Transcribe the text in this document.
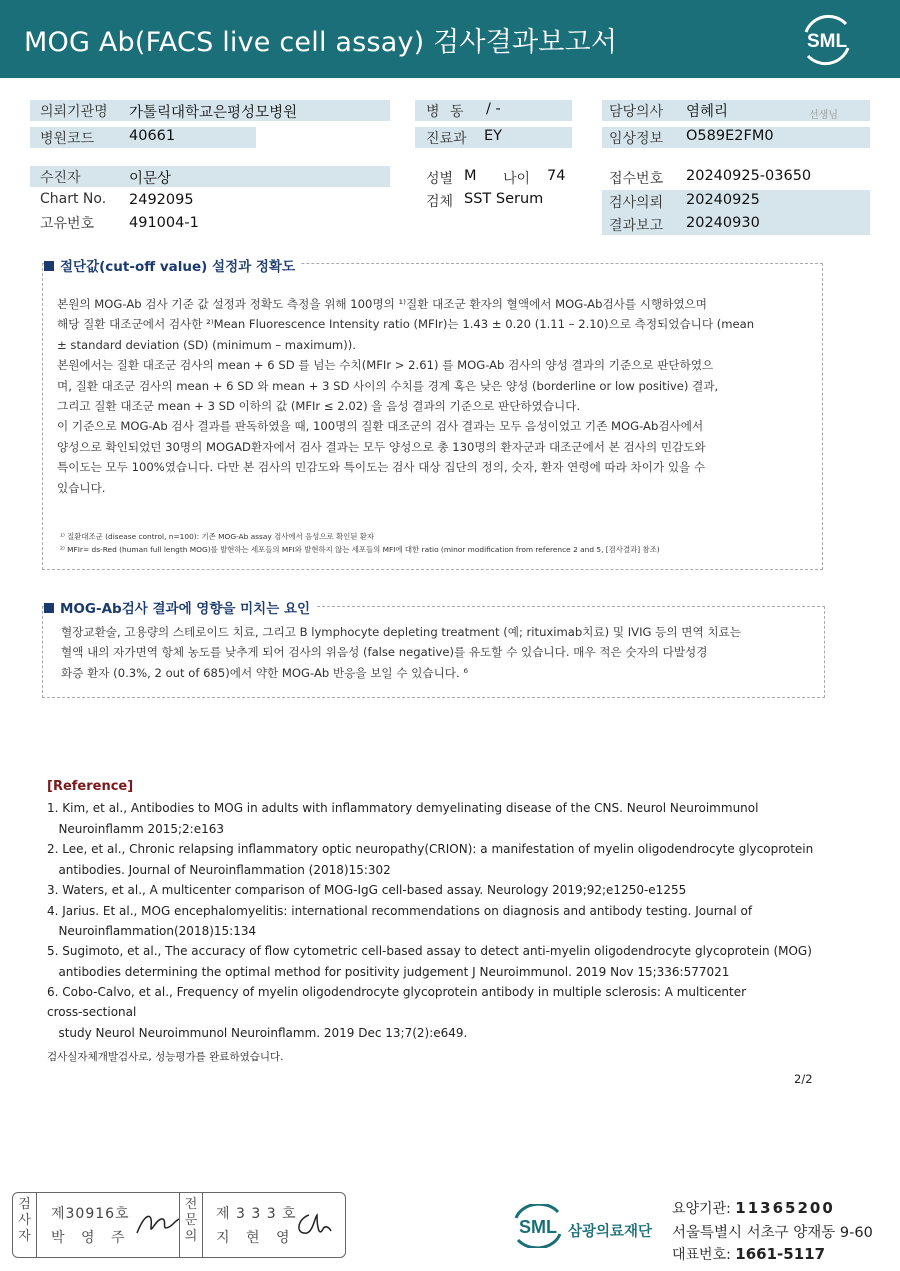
MOG Ab(FACS live cell assay) 검사결과보고서	SML
의뢰기관명 가톨릭대학교은평성모병원
병원코드 40661
병 동 / -
진료과 EY
담당의사 염혜리	선생님
임상정보 O589E2FM0
수진자	이문상
Chart No. 2492095
고유번호 491004-1
성별 M 나이 74
검체 SST Serum
접수번호 20240925-03650
검사의뢰 20240925
결과보고 20240930
절단값(cut-off value) 설정과 정확도
본원의 MOG-Ab 검사 기준 값 설정과 정확도 측정을 위해 100명의 ¹⁾질환 대조군 환자의 혈액에서 MOG-Ab검사를 시행하였으며
해당 질환 대조군에서 검사한 ²⁾Mean Fluorescence Intensity ratio (MFIr)는 1.43 ± 0.20 (1.11 – 2.10)으로 측정되었습니다 (mean
± standard deviation (SD) (minimum – maximum)).
본원에서는 질환 대조군 검사의 mean + 6 SD 를 넘는 수치(MFIr > 2.61) 를 MOG-Ab 검사의 양성 결과의 기준으로 판단하였으
며, 질환 대조군 검사의 mean + 6 SD 와 mean + 3 SD 사이의 수치를 경계 혹은 낮은 양성 (borderline or low positive) 결과,
그리고 질환 대조군 mean + 3 SD 이하의 값 (MFIr ≤ 2.02) 을 음성 결과의 기준으로 판단하였습니다.
이 기준으로 MOG-Ab 검사 결과를 판독하였을 때, 100명의 질환 대조군의 검사 결과는 모두 음성이었고 기존 MOG-Ab검사에서
양성으로 확인되었던 30명의 MOGAD환자에서 검사 결과는 모두 양성으로 총 130명의 환자군과 대조군에서 본 검사의 민감도와
특이도는 모두 100%였습니다. 다만 본 검사의 민감도와 특이도는 검사 대상 집단의 정의, 숫자, 환자 연령에 따라 차이가 있을 수
있습니다.
¹⁾ 질환대조군 (disease control, n=100): 기존 MOG-Ab assay 검사에서 음성으로 확인된 환자
²⁾ MFIr= ds-Red (human full length MOG)를 발현하는 세포들의 MFI와 발현하지 않는 세포들의 MFI에 대한 ratio (minor modification from reference 2 and 5, [검사결과] 참조)
MOG-Ab검사 결과에 영향을 미치는 요인
혈장교환술, 고용량의 스테로이드 치료, 그리고 B lymphocyte depleting treatment (예; rituximab치료) 및 IVIG 등의 면역 치료는
혈액 내의 자가면역 항체 농도를 낮추게 되어 검사의 위음성 (false negative)를 유도할 수 있습니다. 매우 적은 숫자의 다발성경
화증 환자 (0.3%, 2 out of 685)에서 약한 MOG-Ab 반응을 보일 수 있습니다. ⁶
[Reference]
1. Kim, et al., Antibodies to MOG in adults with inflammatory demyelinating disease of the CNS. Neurol Neuroimmunol
Neuroinflamm 2015;2:e163
2. Lee, et al., Chronic relapsing inflammatory optic neuropathy(CRION): a manifestation of myelin oligodendrocyte glycoprotein
antibodies. Journal of Neuroinflammation (2018)15:302
3. Waters, et al., A multicenter comparison of MOG-IgG cell-based assay. Neurology 2019;92;e1250-e1255
4. Jarius. Et al., MOG encephalomyelitis: international recommendations on diagnosis and antibody testing. Journal of
Neuroinflammation(2018)15:134
5. Sugimoto, et al., The accuracy of flow cytometric cell-based assay to detect anti-myelin oligodendrocyte glycoprotein (MOG)
antibodies determining the optimal method for positivity judgement J Neuroimmunol. 2019 Nov 15;336:577021
6. Cobo-Calvo, et al., Frequency of myelin oligodendrocyte glycoprotein antibody in multiple sclerosis: A multicenter
cross-sectional
study Neurol Neuroimmunol Neuroinflamm. 2019 Dec 13;7(2):e649.
검사실자체개발검사로, 성능평가를 완료하였습니다.
2/2
검
사
자
제30916호
박 영 주
전
문
의
제 3 3 3 호
지 현 영
SML 삼광의료재단
요양기관: 11365200
서울특별시 서초구 양재동 9-60
대표번호: 1661-5117
